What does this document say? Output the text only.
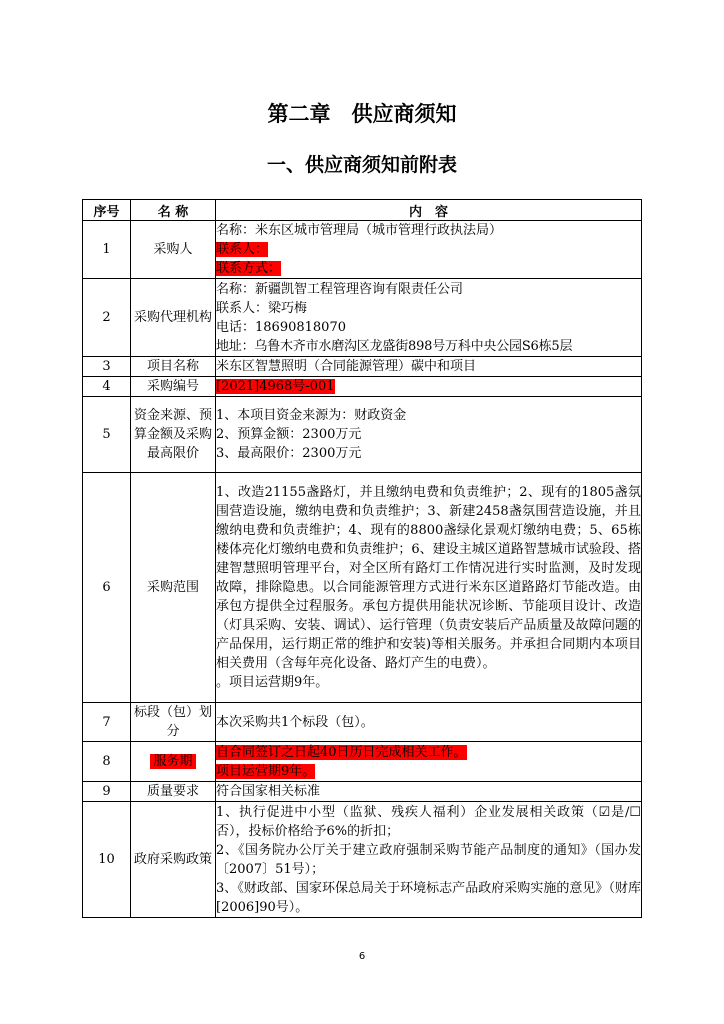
第二章　供应商须知
一、供应商须知前附表
序号	名 称	内　容
1	采购人	名称：米东区城市管理局（城市管理行政执法局）
联系人：
联系方式：

2	采购代理机构	名称：新疆凯智工程管理咨询有限责任公司
联系人：梁巧梅
电话：18690818070
地址：乌鲁木齐市水磨沟区龙盛街898号万科中央公园S6栋5层

3	项目名称	米东区智慧照明（合同能源管理）碳中和项目

4	采购编号	[2021]4968号-001

5	资金来源、预算金额及采购最高限价	1、本项目资金来源为：财政资金
2、预算金额：2300万元
3、最高限价：2300万元

6	采购范围	1、改造21155盏路灯，并且缴纳电费和负责维护；2、现有的1805盏氛围营造设施，缴纳电费和负责维护；3、新建2458盏氛围营造设施，并且缴纳电费和负责维护；4、现有的8800盏绿化景观灯缴纳电费；5、65栋楼体亮化灯缴纳电费和负责维护；6、建设主城区道路智慧城市试验段、搭建智慧照明管理平台，对全区所有路灯工作情况进行实时监测，及时发现故障，排除隐患。以合同能源管理方式进行米东区道路路灯节能改造。由承包方提供全过程服务。承包方提供用能状况诊断、节能项目设计、改造（灯具采购、安装、调试）、运行管理（负责安装后产品质量及故障问题的产品保用，运行期正常的维护和安装)等相关服务。并承担合同期内本项目相关费用（含每年亮化设备、路灯产生的电费）。
。项目运营期9年。

7	标段（包）划分	本次采购共1个标段（包）。

8	服务期	自合同签订之日起40日历日完成相关工作。
项目运营期9年。

9	质量要求	符合国家相关标准

10	政府采购政策	1、执行促进中小型（监狱、残疾人福利）企业发展相关政策（☑是/☐否），投标价格给予6%的折扣；
2、《国务院办公厅关于建立政府强制采购节能产品制度的通知》（国办发〔2007〕51号）；
3、《财政部、国家环保总局关于环境标志产品政府采购实施的意见》（财库[2006]90号）。
6
